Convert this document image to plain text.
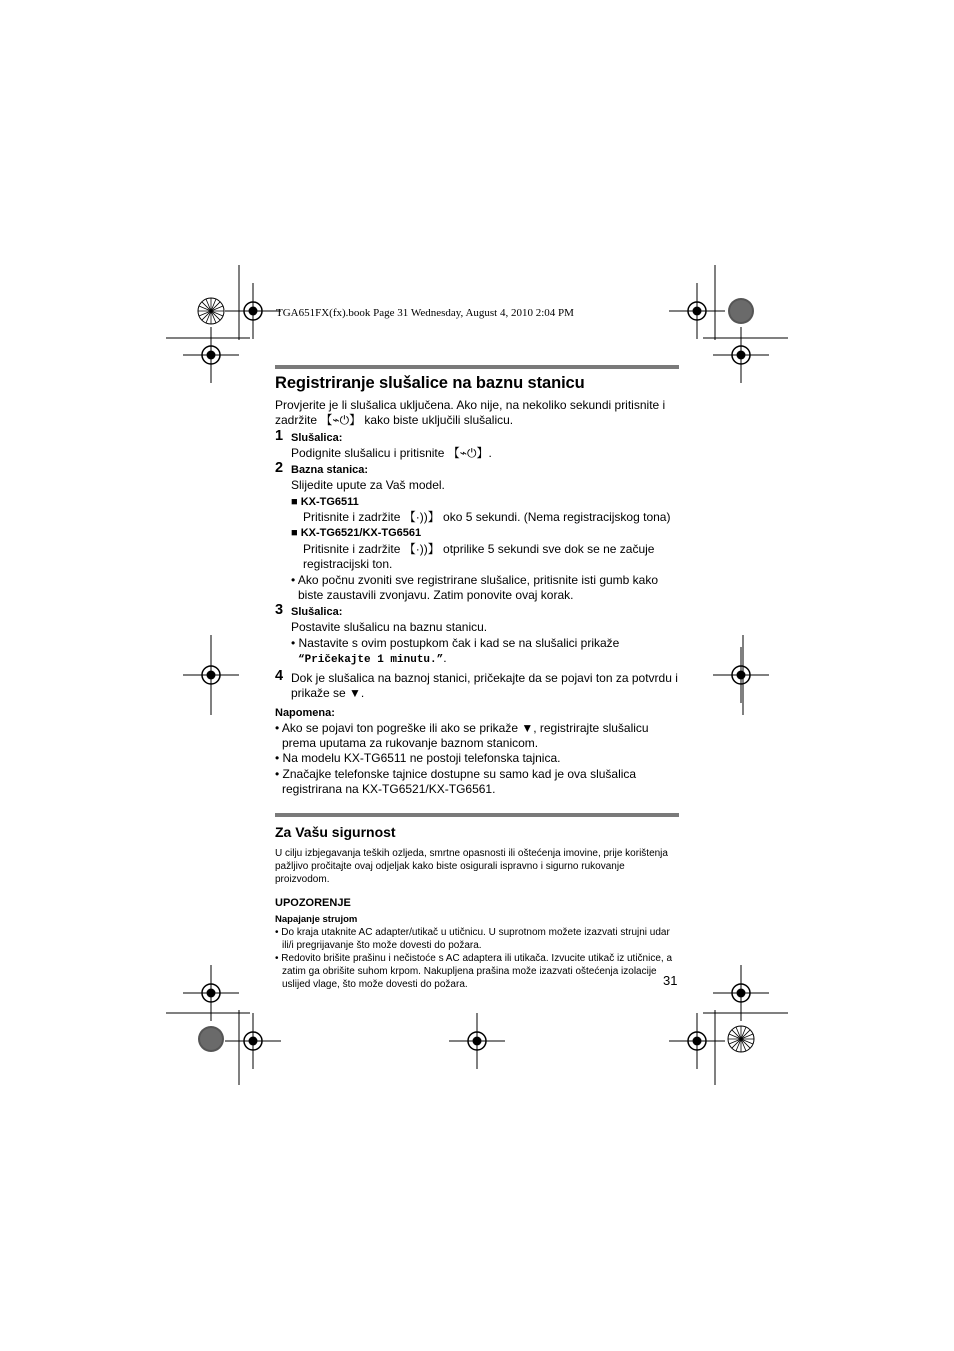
TGA651FX(fx).book Page 31 Wednesday, August 4, 2010 2:04 PM
Registriranje slušalice na baznu stanicu

Provjerite je li slušalica uključena. Ako nije, na nekoliko sekundi pritisnite i zadržite 【⌁⏻】 kako biste uključili slušalicu.

1 Slušalica:

Podignite slušalicu i pritisnite 【⌁⏻】.

2 Bazna stanica:

Slijedite upute za Vaš model.

■ KX-TG6511

Pritisnite i zadržite 【·))】 oko 5 sekundi. (Nema registracijskog tona)

■ KX-TG6521/KX-TG6561

Pritisnite i zadržite 【·))】 otprilike 5 sekundi sve dok se ne začuje registracijski ton.

• Ako počnu zvoniti sve registrirane slušalice, pritisnite isti gumb kako biste zaustavili zvonjavu. Zatim ponovite ovaj korak.

3 Slušalica:

Postavite slušalicu na baznu stanicu.

• Nastavite s ovim postupkom čak i kad se na slušalici prikaže “Pričekajte 1 minutu.”.

4 Dok je slušalica na baznoj stanici, pričekajte da se pojavi ton za potvrdu i prikaže se ▼.

Napomena:

• Ako se pojavi ton pogreške ili ako se prikaže ▼, registrirajte slušalicu prema uputama za rukovanje baznom stanicom.

• Na modelu KX-TG6511 ne postoji telefonska tajnica.

• Značajke telefonske tajnice dostupne su samo kad je ova slušalica registrirana na KX-TG6521/KX-TG6561.

Za Vašu sigurnost

U cilju izbjegavanja teških ozljeda, smrtne opasnosti ili oštećenja imovine, prije korištenja pažljivo pročitajte ovaj odjeljak kako biste osigurali ispravno i sigurno rukovanje proizvodom.

UPOZORENJE
Napajanje strujom

• Do kraja utaknite AC adapter/utikač u utičnicu. U suprotnom možete izazvati strujni udar ili/i pregrijavanje što može dovesti do požara.

• Redovito brišite prašinu i nečistoće s AC adaptera ili utikača. Izvucite utikač iz utičnice, a zatim ga obrišite suhom krpom. Nakupljena prašina može izazvati oštećenja izolacije uslijed vlage, što može dovesti do požara.	31
